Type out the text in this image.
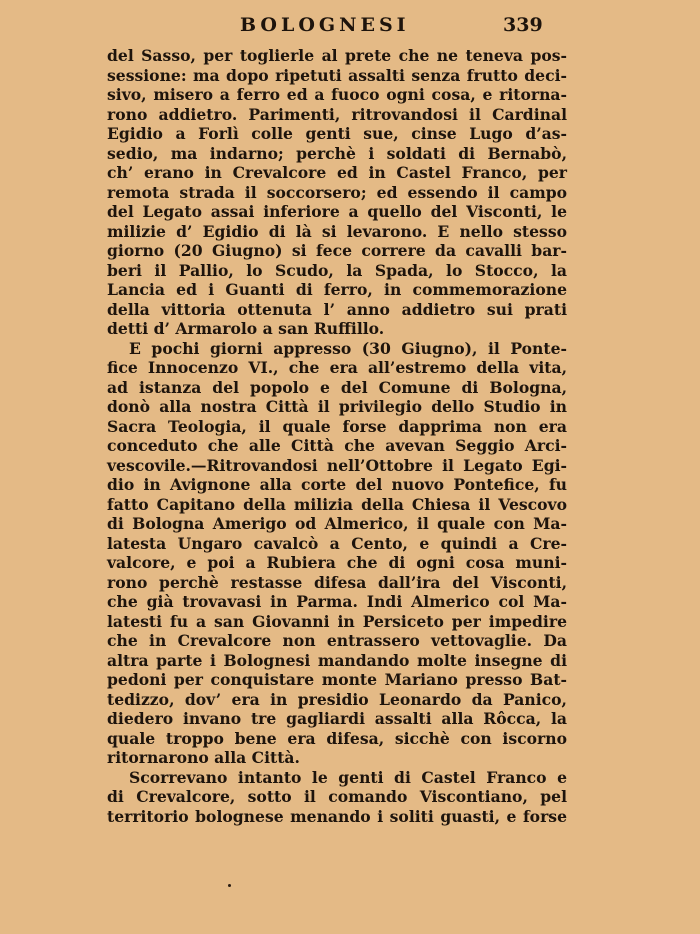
BOLOGNESI	339
del Sasso, per toglierle al prete che ne teneva pos-
sessione: ma dopo ripetuti assalti senza frutto deci-
sivo, misero a ferro ed a fuoco ogni cosa, e ritorna-
rono addietro. Parimenti, ritrovandosi il Cardinal
Egidio a Forlì colle genti sue, cinse Lugo d’as-
sedio, ma indarno; perchè i soldati di Bernabò,
ch’ erano in Crevalcore ed in Castel Franco, per
remota strada il soccorsero; ed essendo il campo
del Legato assai inferiore a quello del Visconti, le
milizie d’ Egidio di là si levarono. E nello stesso
giorno (20 Giugno) si fece correre da cavalli bar-
beri il Pallio, lo Scudo, la Spada, lo Stocco, la
Lancia ed i Guanti di ferro, in commemorazione
della vittoria ottenuta l’ anno addietro sui prati
detti d’ Armarolo a san Ruffillo.
E pochi giorni appresso (30 Giugno), il Ponte-
fice Innocenzo VI., che era all’estremo della vita,
ad istanza del popolo e del Comune di Bologna,
donò alla nostra Città il privilegio dello Studio in
Sacra Teologia, il quale forse dapprima non era
conceduto che alle Città che avevan Seggio Arci-
vescovile.—Ritrovandosi nell’Ottobre il Legato Egi-
dio in Avignone alla corte del nuovo Pontefice, fu
fatto Capitano della milizia della Chiesa il Vescovo
di Bologna Amerigo od Almerico, il quale con Ma-
latesta Ungaro cavalcò a Cento, e quindi a Cre-
valcore, e poi a Rubiera che di ogni cosa muni-
rono perchè restasse difesa dall’ira del Visconti,
che già trovavasi in Parma. Indi Almerico col Ma-
latesti fu a san Giovanni in Persiceto per impedire
che in Crevalcore non entrassero vettovaglie. Da
altra parte i Bolognesi mandando molte insegne di
pedoni per conquistare monte Mariano presso Bat-
tedizzo, dov’ era in presidio Leonardo da Panico,
diedero invano tre gagliardi assalti alla Rôcca, la
quale troppo bene era difesa, sicchè con iscorno
ritornarono alla Città.
Scorrevano intanto le genti di Castel Franco e
di Crevalcore, sotto il comando Viscontiano, pel
territorio bolognese menando i soliti guasti, e forse
